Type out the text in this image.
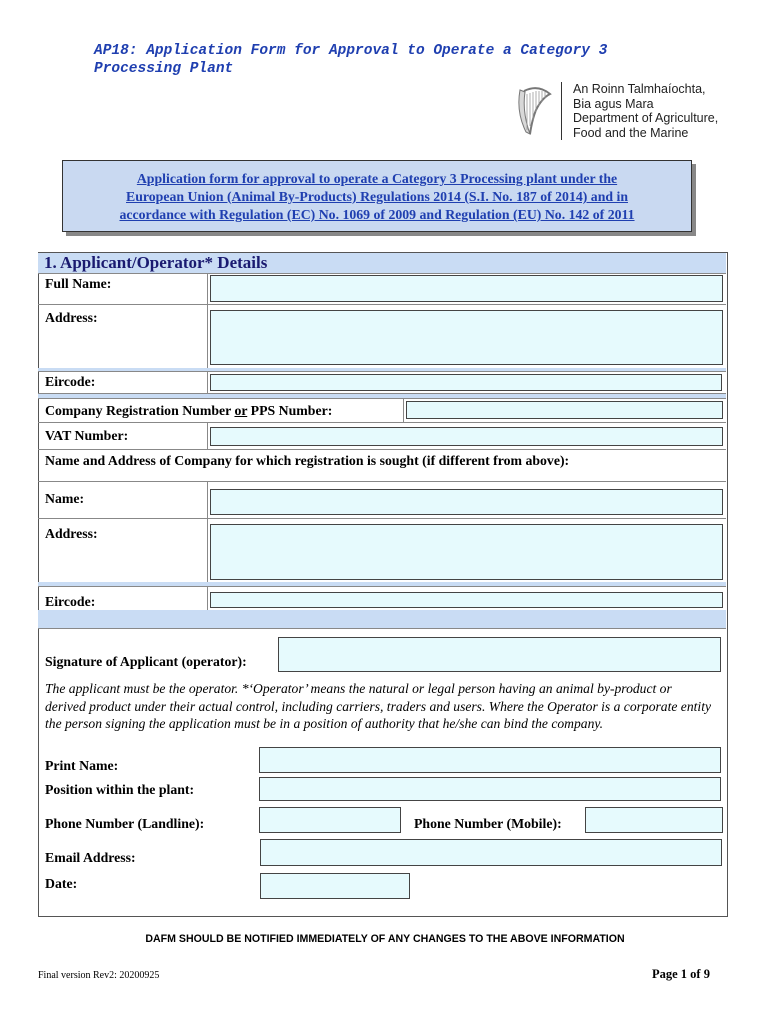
AP18: Application Form for Approval to Operate a Category 3
Processing Plant
An Roinn Talmhaíochta,
Bia agus Mara
Department of Agriculture,
Food and the Marine
Application form for approval to operate a Category 3 Processing plant under the
European Union (Animal By-Products) Regulations 2014 (S.I. No. 187 of 2014) and in
accordance with Regulation (EC) No. 1069 of 2009 and Regulation (EU) No. 142 of 2011
1. Applicant/Operator* Details
Full Name:
Address:
Eircode:
Company Registration Number or PPS Number:
VAT Number:
Name and Address of Company for which registration is sought (if different from above):
Name:
Address:
Eircode:
Signature of Applicant (operator):
The applicant must be the operator. *‘Operator’ means the natural or legal person having an animal by-product or derived product under their actual control, including carriers, traders and users. Where the Operator is a corporate entity the person signing the application must be in a position of authority that he/she can bind the company.
Print Name:
Position within the plant:
Phone Number (Landline):	Phone Number (Mobile):
Email Address:
Date:
DAFM SHOULD BE NOTIFIED IMMEDIATELY OF ANY CHANGES TO THE ABOVE INFORMATION
Final version Rev2: 20200925	Page 1 of 9
